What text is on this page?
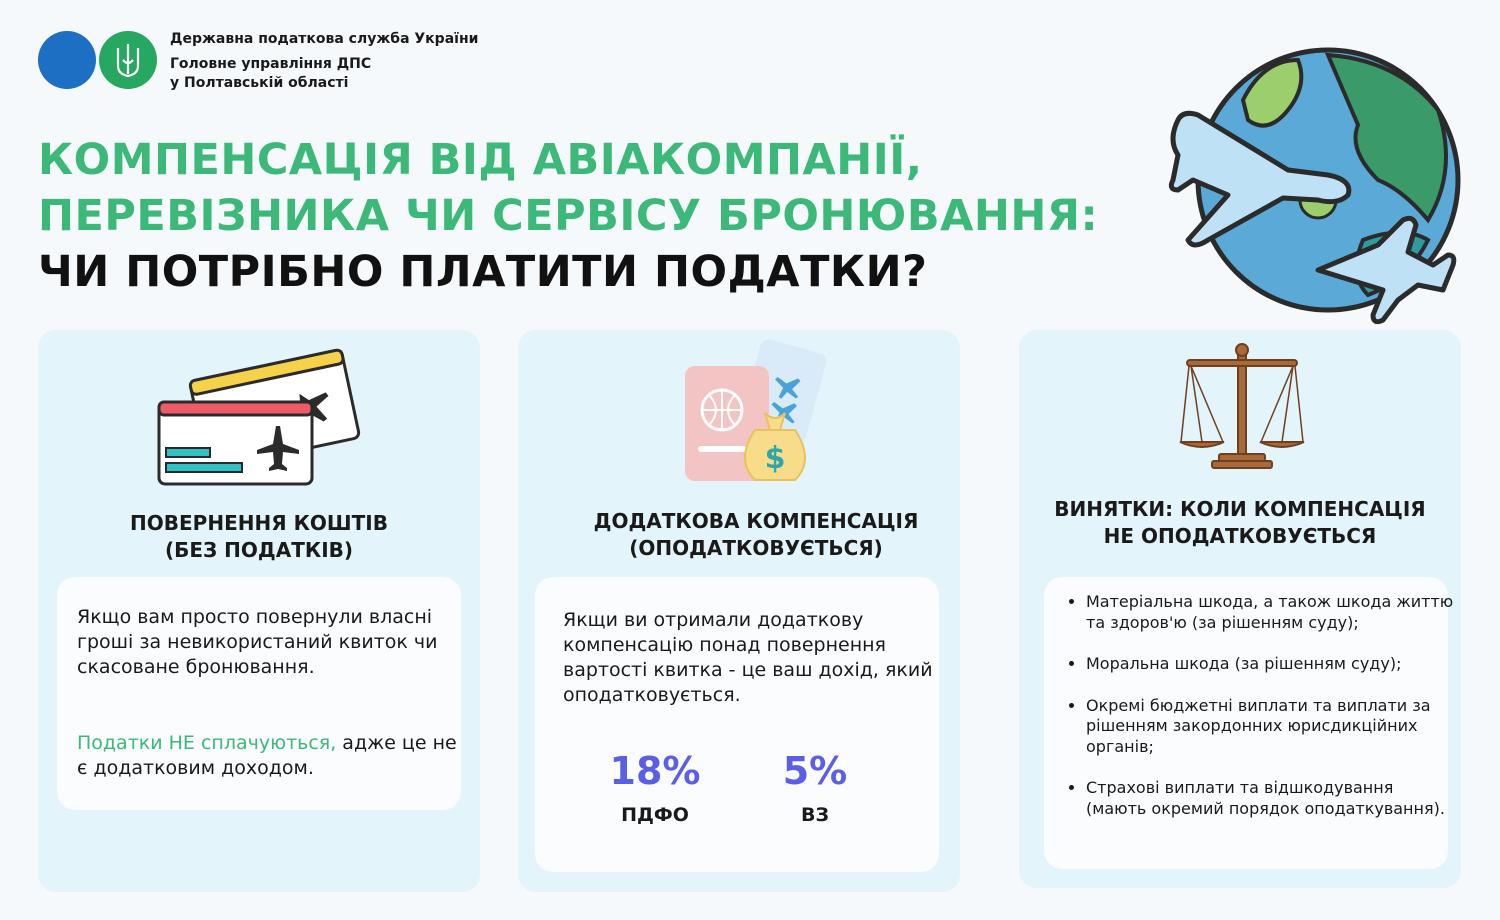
Державна податкова служба України
Головне управління ДПС
у Полтавській області
КОМПЕНСАЦІЯ ВІД АВІАКОМПАНІЇ,
ПЕРЕВІЗНИКА ЧИ СЕРВІСУ БРОНЮВАННЯ:
ЧИ ПОТРІБНО ПЛАТИТИ ПОДАТКИ?
ПОВЕРНЕННЯ КОШТІВ
(БЕЗ ПОДАТКІВ)
Якщо вам просто повернули власні гроші за невикористаний квиток чи скасоване бронювання.
Податки НЕ сплачуються, адже це не є додатковим доходом.
$
ДОДАТКОВА КОМПЕНСАЦІЯ
(ОПОДАТКОВУЄТЬСЯ)
Якщи ви отримали додаткову компенсацію понад повернення вартості квитка - це ваш дохід, який оподатковується.
18%
ПДФО
5%
ВЗ
ВИНЯТКИ: КОЛИ КОМПЕНСАЦІЯ
НЕ ОПОДАТКОВУЄТЬСЯ
• Матеріальна шкода, а також шкода життю та здоров'ю (за рішенням суду);
• Моральна шкода (за рішенням суду);
• Окремі бюджетні виплати та виплати за рішенням закордонних юрисдикційних органів;
• Страхові виплати та відшкодування (мають окремий порядок оподаткування).
